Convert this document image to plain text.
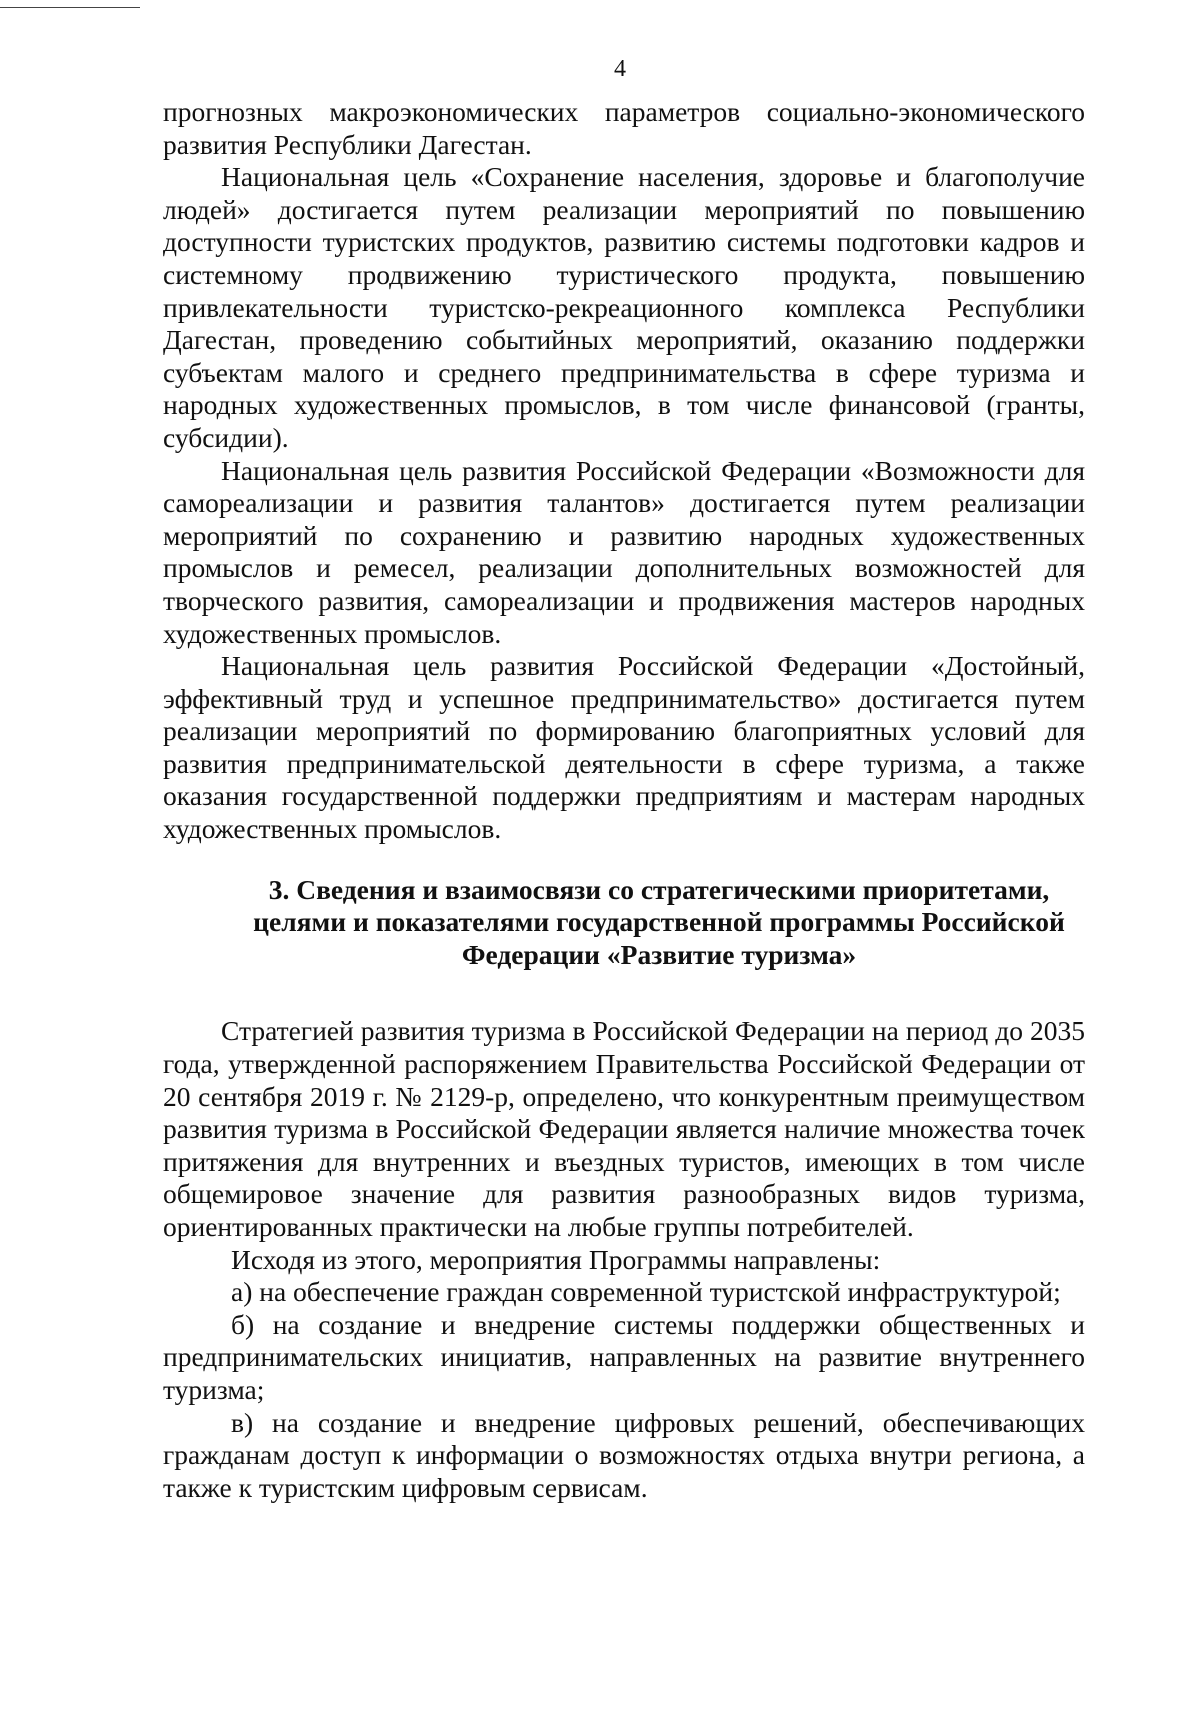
4

прогнозных макроэкономических параметров социально-экономического развития Республики Дагестан.

Национальная цель «Сохранение населения, здоровье и благополучие людей» достигается путем реализации мероприятий по повышению доступности туристских продуктов, развитию системы подготовки кадров и системному продвижению туристического продукта, повышению привлекательности туристско-рекреационного комплекса Республики Дагестан, проведению событийных мероприятий, оказанию поддержки субъектам малого и среднего предпринимательства в сфере туризма и народных художественных промыслов, в том числе финансовой (гранты, субсидии).

Национальная цель развития Российской Федерации «Возможности для самореализации и развития талантов» достигается путем реализации мероприятий по сохранению и развитию народных художественных промыслов и ремесел, реализации дополнительных возможностей для творческого развития, самореализации и продвижения мастеров народных художественных промыслов.

Национальная цель развития Российской Федерации «Достойный, эффективный труд и успешное предпринимательство» достигается путем реализации мероприятий по формированию благоприятных условий для развития предпринимательской деятельности в сфере туризма, а также оказания государственной поддержки предприятиям и мастерам народных художественных промыслов.

3. Сведения и взаимосвязи со стратегическими приоритетами,
целями и показателями государственной программы Российской
Федерации «Развитие туризма»

Стратегией развития туризма в Российской Федерации на период до 2035 года, утвержденной распоряжением Правительства Российской Федерации от 20 сентября 2019 г. № 2129-р, определено, что конкурентным преимуществом развития туризма в Российской Федерации является наличие множества точек притяжения для внутренних и въездных туристов, имеющих в том числе общемировое значение для развития разнообразных видов туризма, ориентированных практически на любые группы потребителей.

Исходя из этого, мероприятия Программы направлены:

а) на обеспечение граждан современной туристской инфраструктурой;

б) на создание и внедрение системы поддержки общественных и предпринимательских инициатив, направленных на развитие внутреннего туризма;

в) на создание и внедрение цифровых решений, обеспечивающих гражданам доступ к информации о возможностях отдыха внутри региона, а также к туристским цифровым сервисам.
